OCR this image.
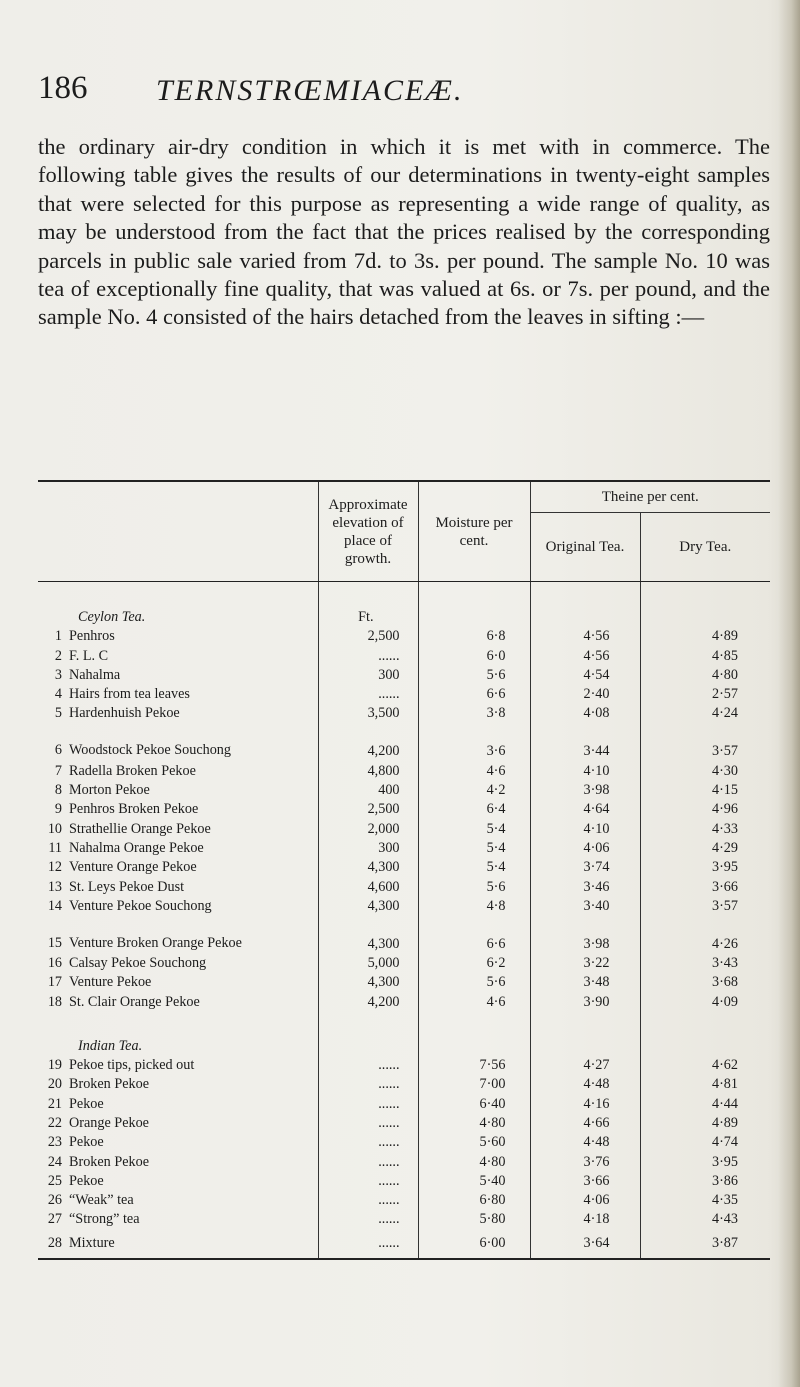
186 TERNSTRŒMIACEÆ.

the ordinary air-dry condition in which it is met with in commerce. The following table gives the results of our determinations in twenty-eight samples that were selected for this purpose as representing a wide range of quality, as may be understood from the fact that the prices realised by the corresponding parcels in public sale varied from 7d. to 3s. per pound. The sample No. 10 was tea of exceptionally fine quality, that was valued at 6s. or 7s. per pound, and the sample No. 4 consisted of the hairs detached from the leaves in sifting :—

	Approximate elevation of place of growth.	Moisture per cent.	Theine per cent.	
			Original Tea.	Dry Tea.
Ceylon Tea.	Ft.			
1 Penhros	2,500	6·8	4·56	4·89
2 F. L. C	......	6·0	4·56	4·85
3 Nahalma	300	5·6	4·54	4·80
4 Hairs from tea leaves	......	6·6	2·40	2·57
5 Hardenhuish Pekoe	3,500	3·8	4·08	4·24
6 Woodstock Pekoe Souchong	4,200	3·6	3·44	3·57
7 Radella Broken Pekoe	4,800	4·6	4·10	4·30
8 Morton Pekoe	400	4·2	3·98	4·15
9 Penhros Broken Pekoe	2,500	6·4	4·64	4·96
10 Strathellie Orange Pekoe	2,000	5·4	4·10	4·33
11 Nahalma Orange Pekoe	300	5·4	4·06	4·29
12 Venture Orange Pekoe	4,300	5·4	3·74	3·95
13 St. Leys Pekoe Dust	4,600	5·6	3·46	3·66
14 Venture Pekoe Souchong	4,300	4·8	3·40	3·57
15 Venture Broken Orange Pekoe	4,300	6·6	3·98	4·26
16 Calsay Pekoe Souchong	5,000	6·2	3·22	3·43
17 Venture Pekoe	4,300	5·6	3·48	3·68
18 St. Clair Orange Pekoe	4,200	4·6	3·90	4·09
Indian Tea.				
19 Pekoe tips, picked out	......	7·56	4·27	4·62
20 Broken Pekoe	......	7·00	4·48	4·81
21 Pekoe	......	6·40	4·16	4·44
22 Orange Pekoe	......	4·80	4·66	4·89
23 Pekoe	......	5·60	4·48	4·74
24 Broken Pekoe	......	4·80	3·76	3·95
25 Pekoe	......	5·40	3·66	3·86
26 “Weak” tea	......	6·80	4·06	4·35
27 “Strong” tea	......	5·80	4·18	4·43
28 Mixture	......	6·00	3·64	3·87
